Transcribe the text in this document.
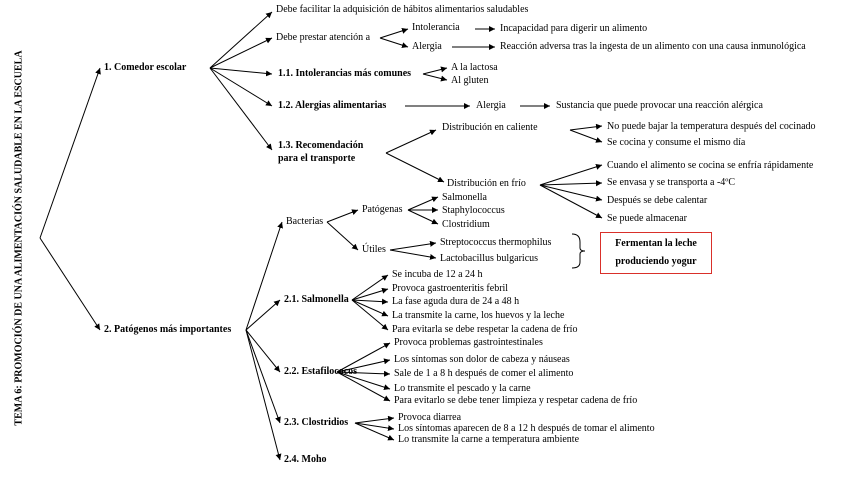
TEMA 6: PROMOCIÓN DE UNA ALIMENTACIÓN SALUDABLE EN LA ESCUELA	1. Comedor escolar
Debe facilitar la adquisición de hábitos alimentarios saludables
Debe prestar atención a
Intolerancia	Incapacidad para digerir un alimento
Alergia	Reacción adversa tras la ingesta de un alimento con una causa inmunológica
1.1. Intolerancias más comunes
A la lactosa
Al gluten
1.2. Alergias alimentarias	Alergia	Sustancia que puede provocar una reacción alérgica
1.3. Recomendación
para el transporte
Distribución en caliente	No puede bajar la temperatura después del cocinado
Se cocina y consume el mismo día
Distribución en frío
Cuando el alimento se cocina se enfría rápidamente
Se envasa y se transporta a -4ºC
Después se debe calentar
Se puede almacenar
2. Patógenos más importantes
Bacterias
Patógenas
Salmonella
Staphylococcus
Clostridium
Útiles
Streptococcus thermophilus
Lactobacillus bulgaricus
Fermentan la leche
produciendo yogur
2.1. Salmonella
Se incuba de 12 a 24 h
Provoca gastroenteritis febril
La fase aguda dura de 24 a 48 h
La transmite la carne, los huevos y la leche
Para evitarla se debe respetar la cadena de frío
2.2. Estafilococos
Provoca problemas gastrointestinales
Los síntomas son dolor de cabeza y náuseas
Sale de 1 a 8 h después de comer el alimento
Lo transmite el pescado y la carne
Para evitarlo se debe tener limpieza y respetar cadena de frío
2.3. Clostridios	Provoca diarrea
Los síntomas aparecen de 8 a 12 h después de tomar el alimento
Lo transmite la carne a temperatura ambiente
2.4. Moho
